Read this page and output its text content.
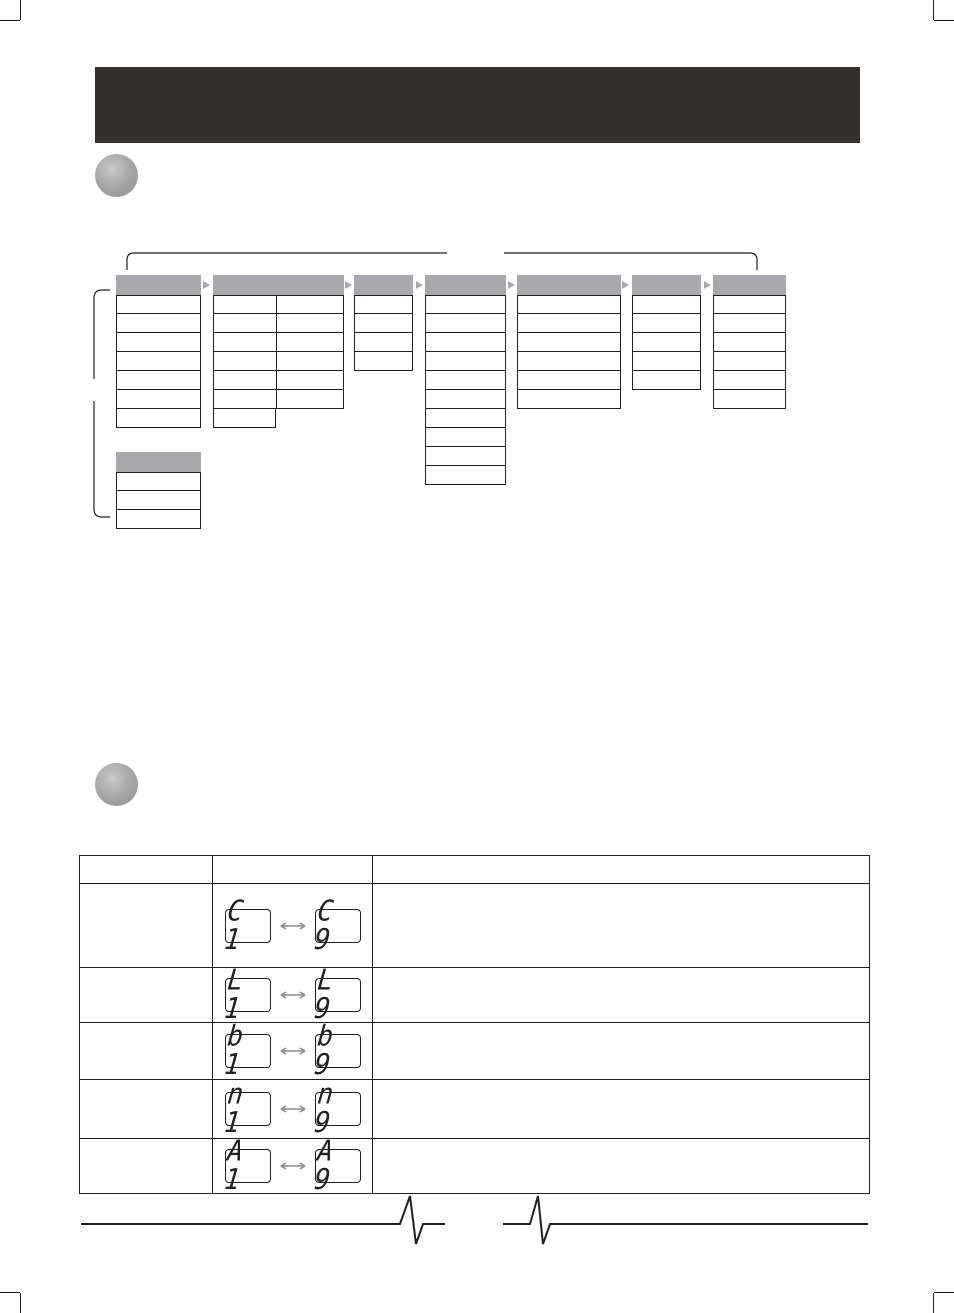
	C 1
C 9	

	L 1
L 9	

	b 1
b 9	

	n 1
n 9	

	A 1
A 9	
